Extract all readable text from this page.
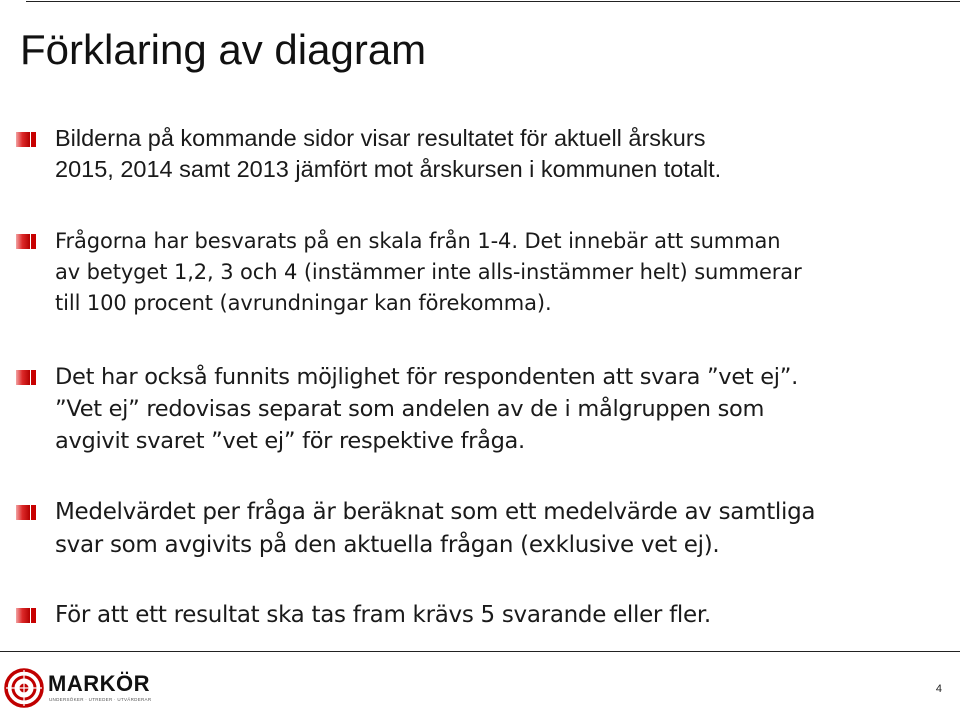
Förklaring av diagram

Bilderna på kommande sidor visar resultatet för aktuell årskurs
2015, 2014 samt 2013 jämfört mot årskursen i kommunen totalt.

Frågorna har besvarats på en skala från 1-4. Det innebär att summan
av betyget 1,2, 3 och 4 (instämmer inte alls-instämmer helt) summerar
till 100 procent (avrundningar kan förekomma).

Det har också funnits möjlighet för respondenten att svara ”vet ej”.
”Vet ej” redovisas separat som andelen av de i målgruppen som
avgivit svaret ”vet ej” för respektive fråga.

Medelvärdet per fråga är beräknat som ett medelvärde av samtliga
svar som avgivits på den aktuella frågan (exklusive vet ej).

För att ett resultat ska tas fram krävs 5 svarande eller fler.

MARKÖR
UNDERSÖKER · UTREDER · UTVÄRDERAR
4
